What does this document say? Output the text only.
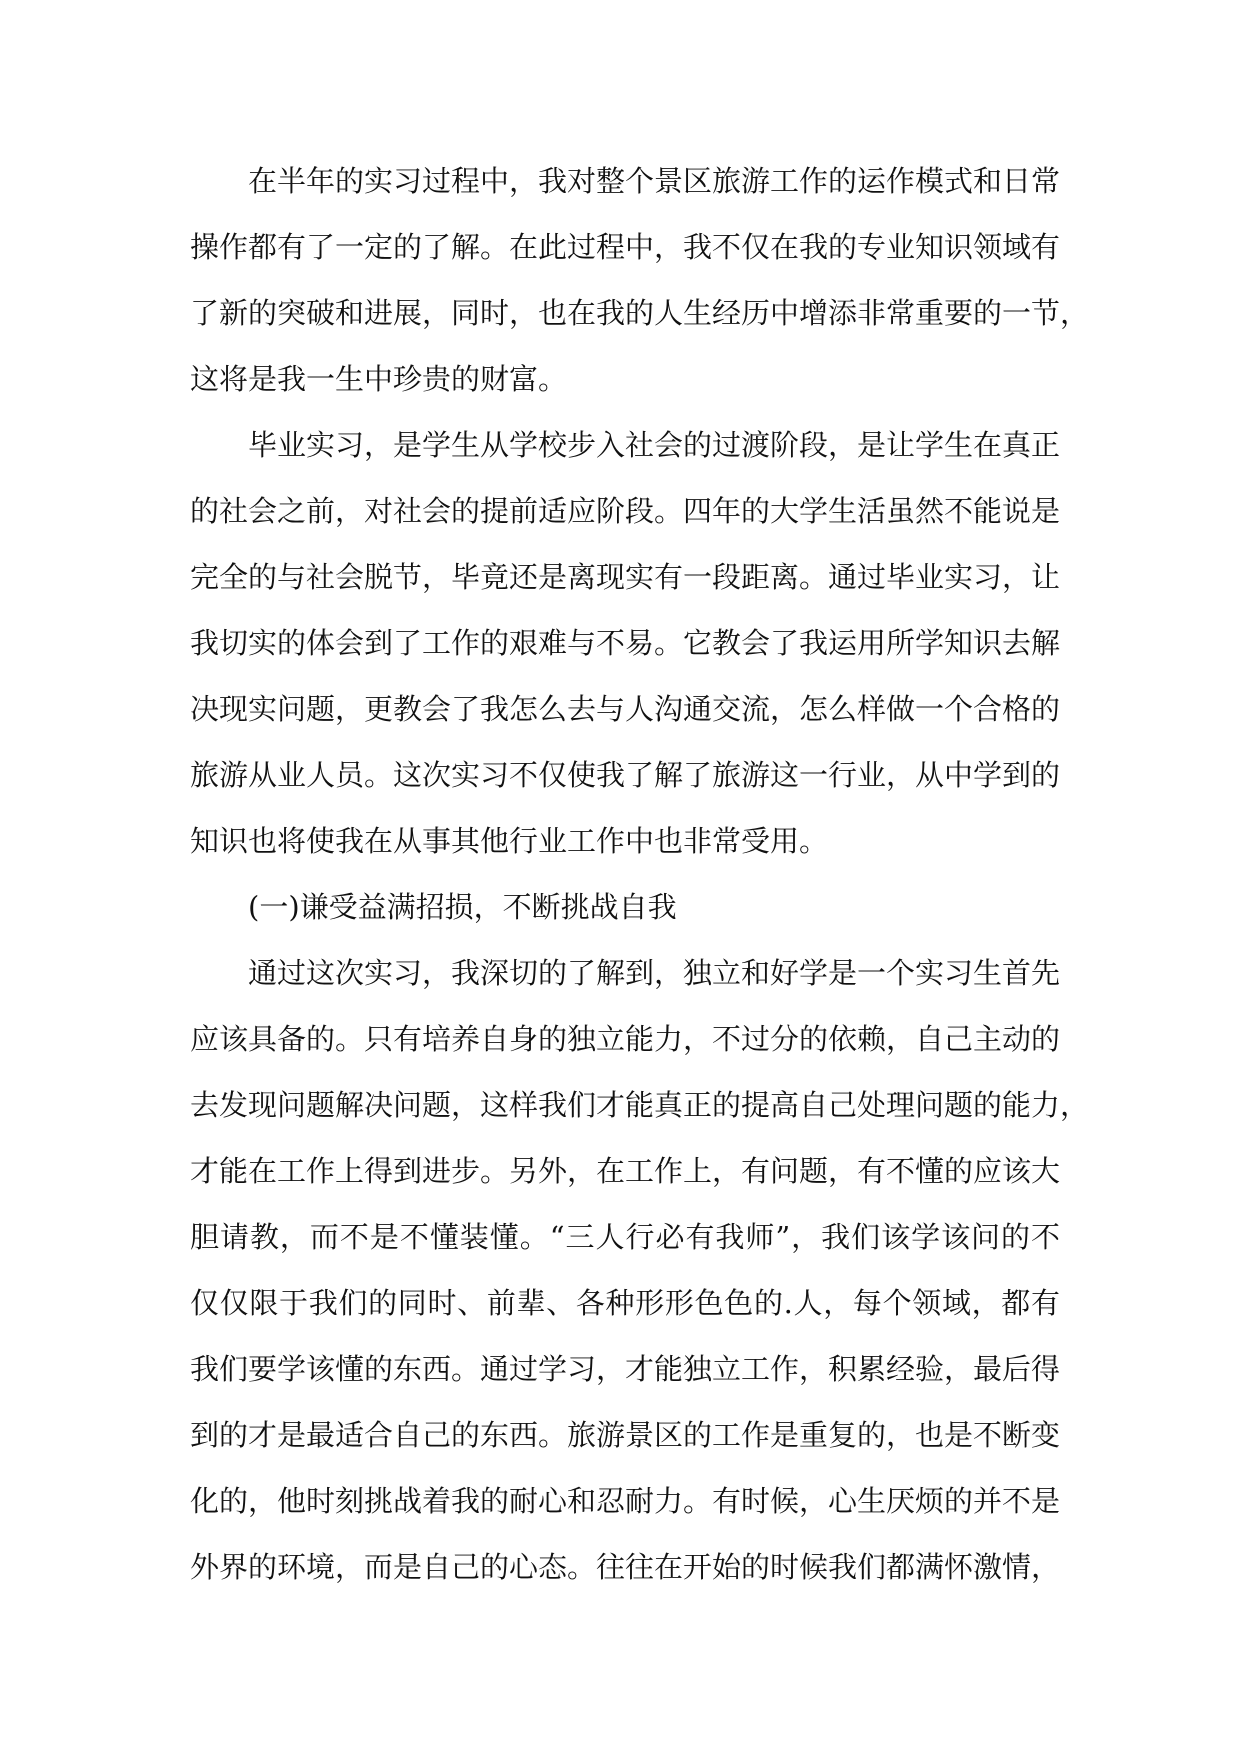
在半年的实习过程中，我对整个景区旅游工作的运作模式和日常
操作都有了一定的了解。在此过程中，我不仅在我的专业知识领域有
了新的突破和进展，同时，也在我的人生经历中增添非常重要的一节，
这将是我一生中珍贵的财富。
毕业实习，是学生从学校步入社会的过渡阶段，是让学生在真正
的社会之前，对社会的提前适应阶段。四年的大学生活虽然不能说是
完全的与社会脱节，毕竟还是离现实有一段距离。通过毕业实习，让
我切实的体会到了工作的艰难与不易。它教会了我运用所学知识去解
决现实问题，更教会了我怎么去与人沟通交流，怎么样做一个合格的
旅游从业人员。这次实习不仅使我了解了旅游这一行业，从中学到的
知识也将使我在从事其他行业工作中也非常受用。
(一)谦受益满招损，不断挑战自我
通过这次实习，我深切的了解到，独立和好学是一个实习生首先
应该具备的。只有培养自身的独立能力，不过分的依赖，自己主动的
去发现问题解决问题，这样我们才能真正的提高自己处理问题的能力，
才能在工作上得到进步。另外，在工作上，有问题，有不懂的应该大
胆请教，而不是不懂装懂。“三人行必有我师”，我们该学该问的不
仅仅限于我们的同时、前辈、各种形形色色的.人，每个领域，都有
我们要学该懂的东西。通过学习，才能独立工作，积累经验，最后得
到的才是最适合自己的东西。旅游景区的工作是重复的，也是不断变
化的，他时刻挑战着我的耐心和忍耐力。有时候，心生厌烦的并不是
外界的环境，而是自己的心态。往往在开始的时候我们都满怀激情，
